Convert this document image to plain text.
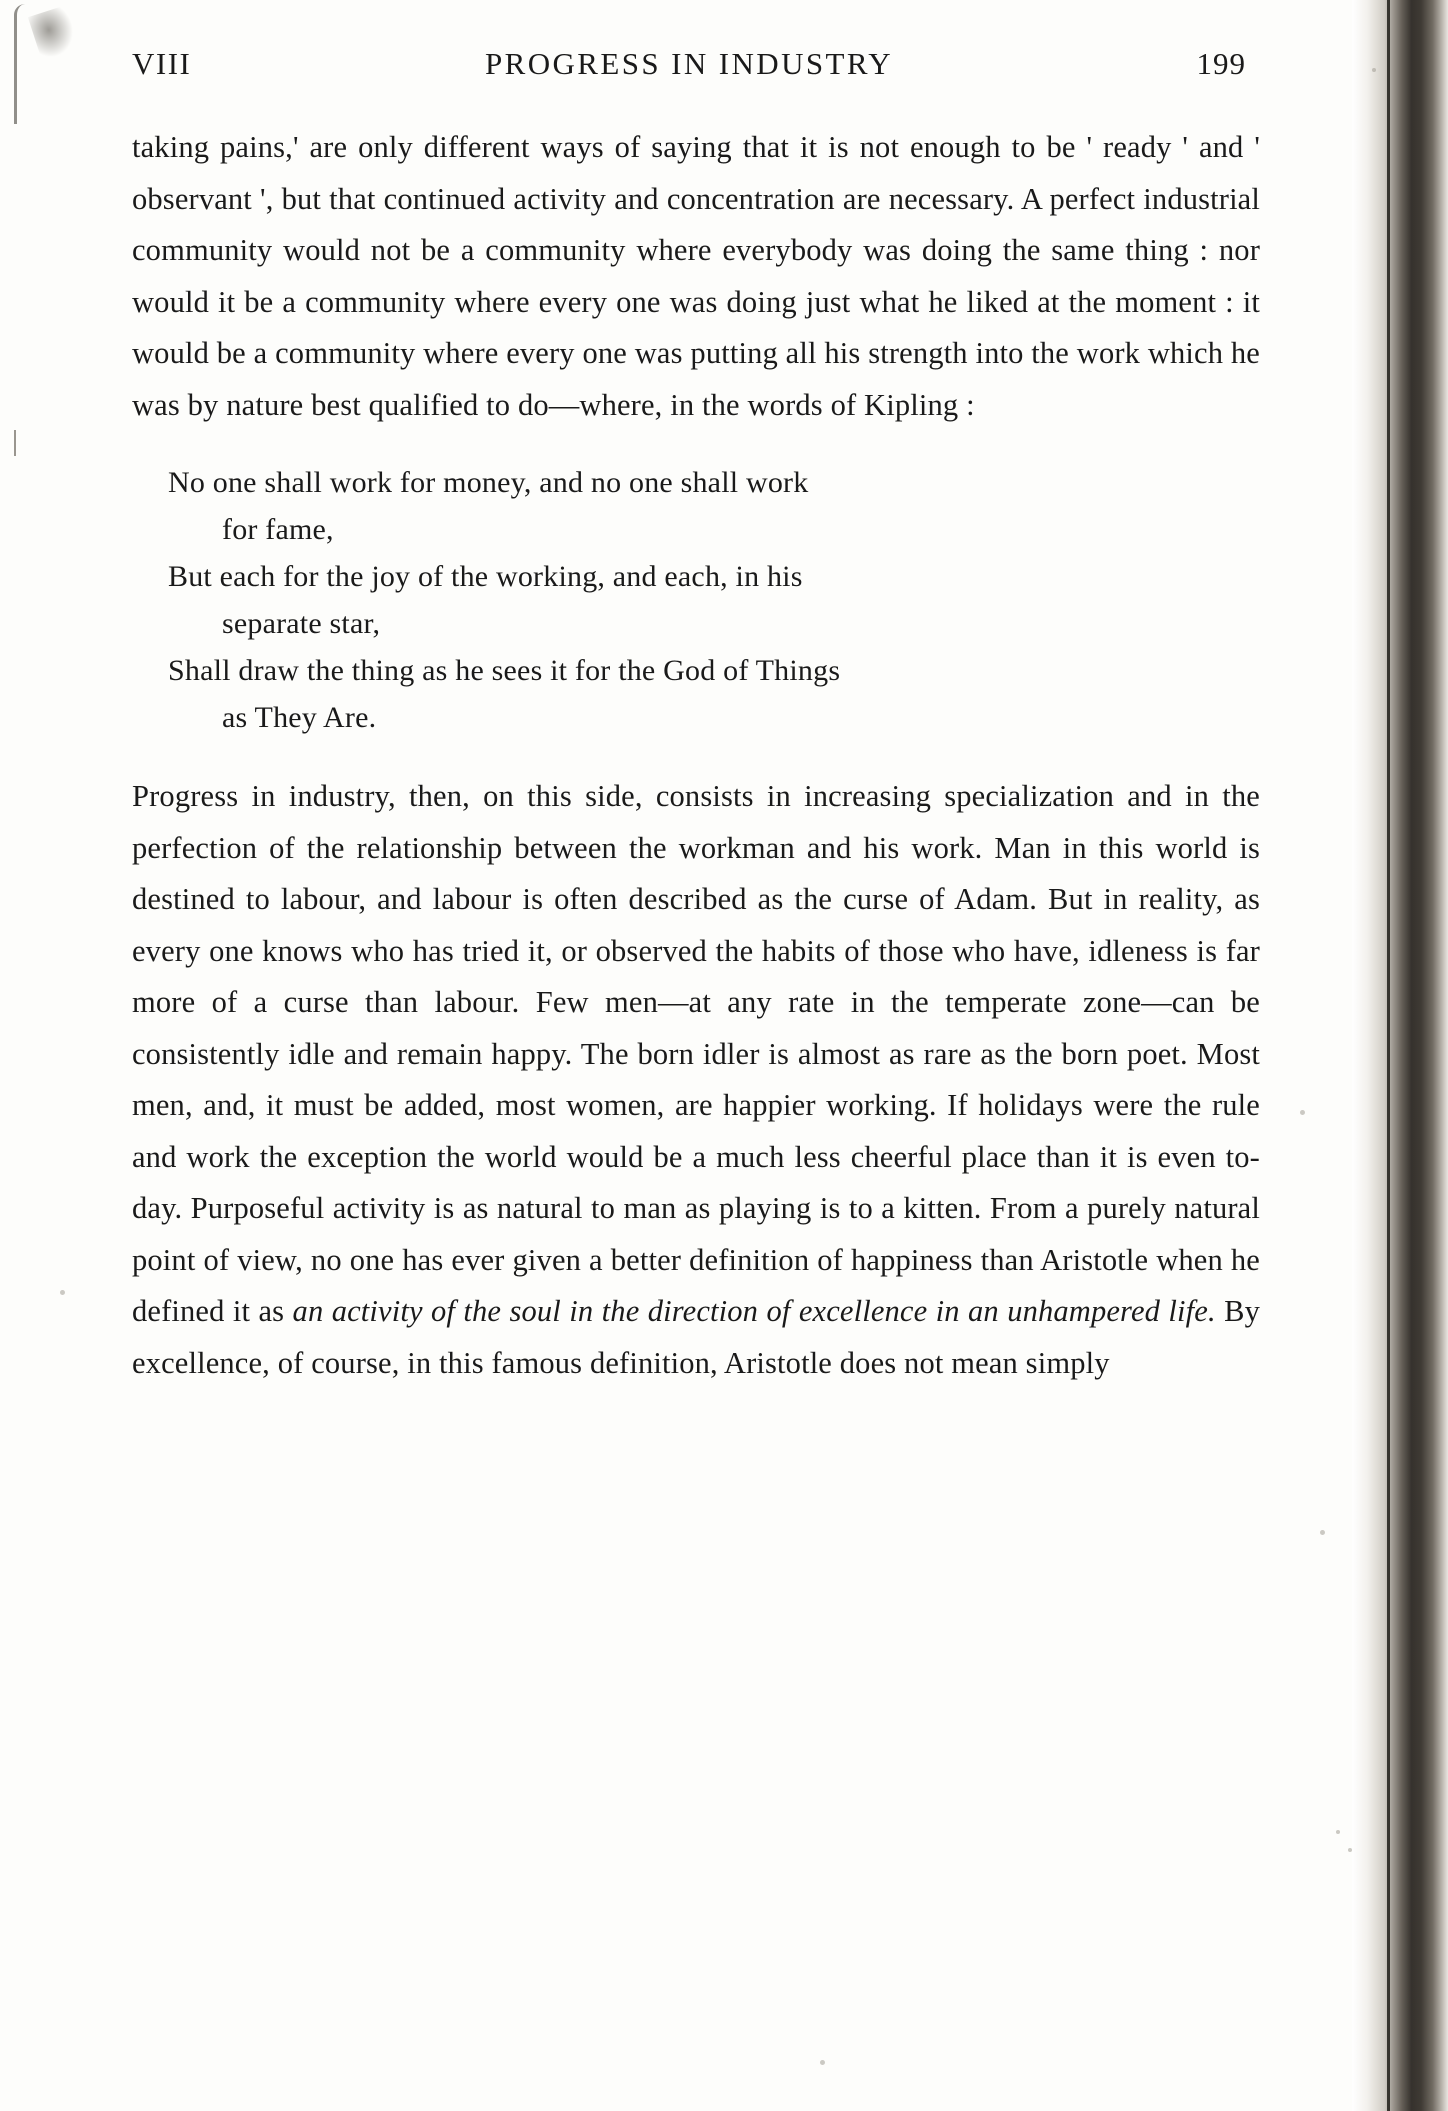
VIII	PROGRESS IN INDUSTRY	199

taking pains,' are only different ways of saying that it is not enough to be ' ready ' and ' observant ', but that continued activity and concentration are necessary. A perfect industrial community would not be a community where everybody was doing the same thing : nor would it be a community where every one was doing just what he liked at the moment : it would be a community where every one was putting all his strength into the work which he was by nature best qualified to do—where, in the words of Kipling :

No one shall work for money, and no one shall work
for fame,

But each for the joy of the working, and each, in his
separate star,

Shall draw the thing as he sees it for the God of Things
as They Are.

Progress in industry, then, on this side, consists in increasing specialization and in the perfection of the relationship between the workman and his work. Man in this world is destined to labour, and labour is often described as the curse of Adam. But in reality, as every one knows who has tried it, or observed the habits of those who have, idleness is far more of a curse than labour. Few men—at any rate in the temperate zone—can be consistently idle and remain happy. The born idler is almost as rare as the born poet. Most men, and, it must be added, most women, are happier working. If holidays were the rule and work the exception the world would be a much less cheerful place than it is even to-day. Purposeful activity is as natural to man as playing is to a kitten. From a purely natural point of view, no one has ever given a better definition of happiness than Aristotle when he defined it as an activity of the soul in the direction of excellence in an unhampered life. By excellence, of course, in this famous definition, Aristotle does not mean simply
